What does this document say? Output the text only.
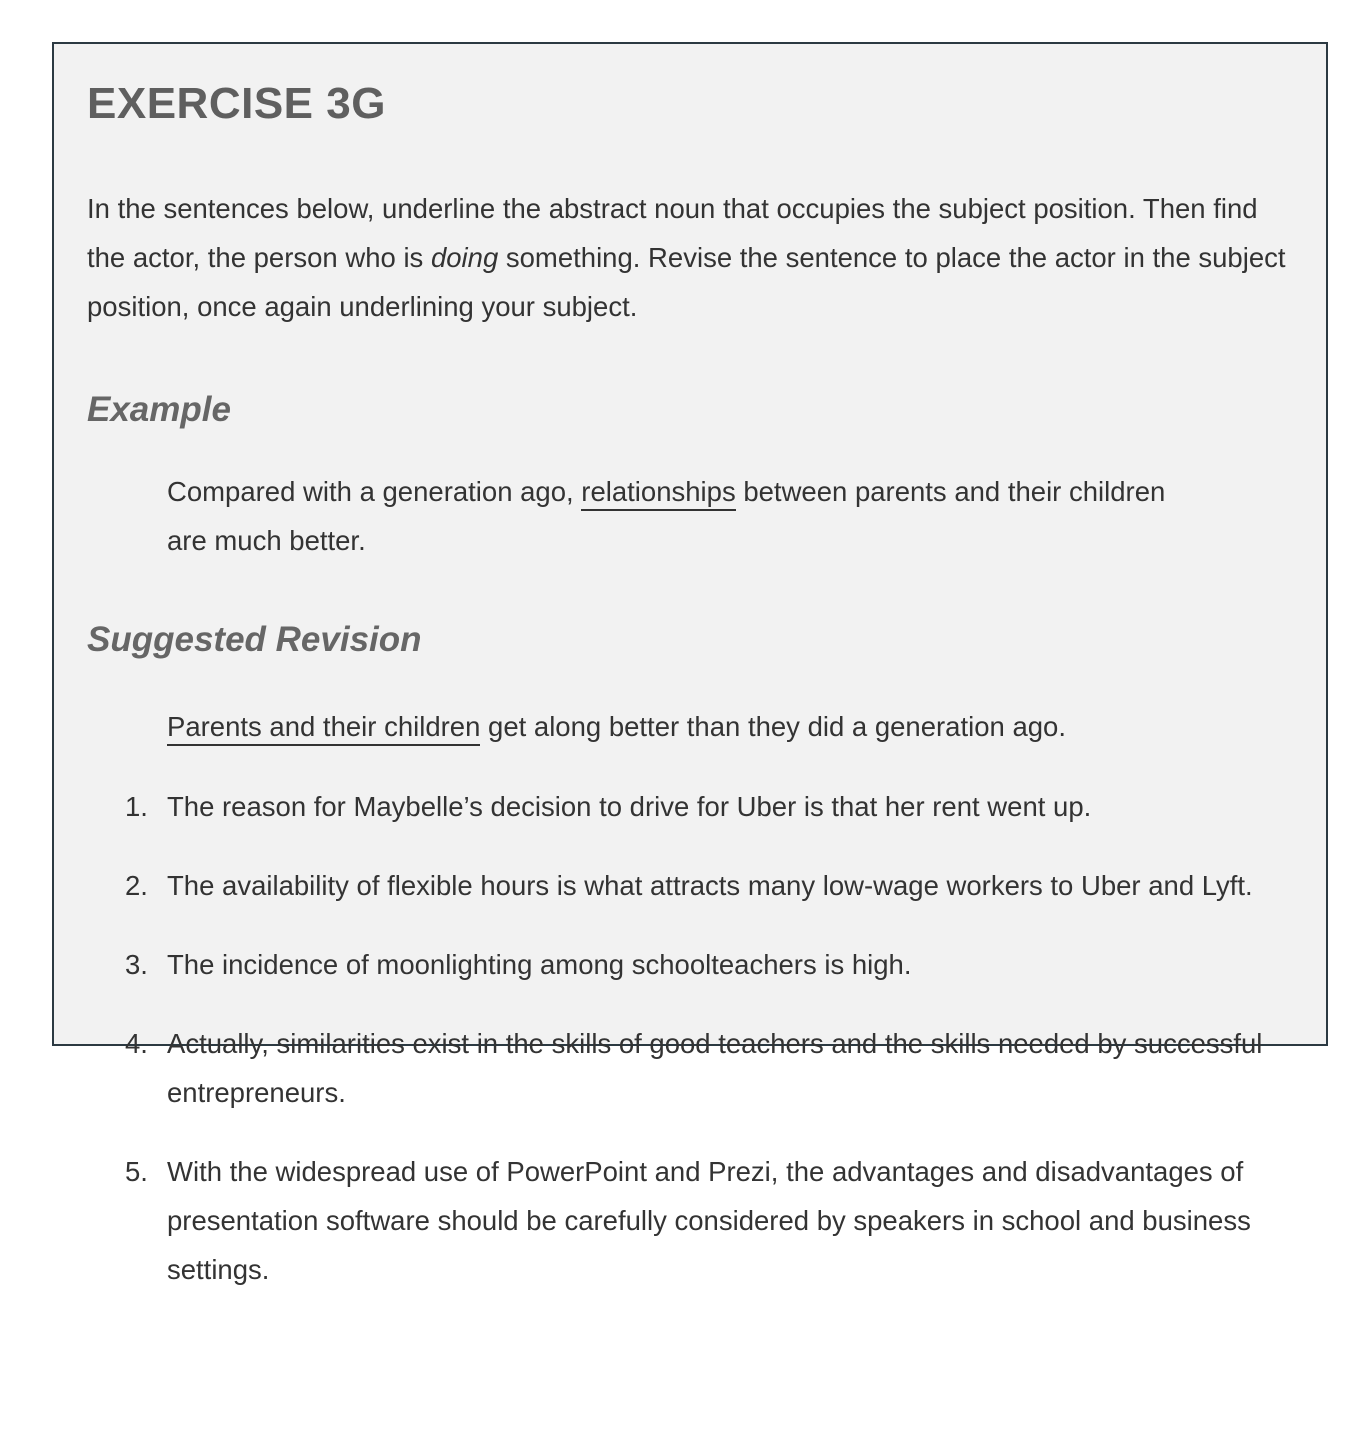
EXERCISE 3G

In the sentences below, underline the abstract noun that occupies the subject position. Then find the actor, the person who is doing something. Revise the sentence to place the actor in the subject position, once again underlining your subject.

Example

Compared with a generation ago, relationships between parents and their children are much better.

Suggested Revision

Parents and their children get along better than they did a generation ago.

1. The reason for Maybelle’s decision to drive for Uber is that her rent went up.
2. The availability of flexible hours is what attracts many low-wage workers to Uber and Lyft.
3. The incidence of moonlighting among schoolteachers is high.
4. Actually, similarities exist in the skills of good teachers and the skills needed by successful entrepreneurs.
5. With the widespread use of PowerPoint and Prezi, the advantages and disadvantages of presentation software should be carefully considered by speakers in school and business settings.
